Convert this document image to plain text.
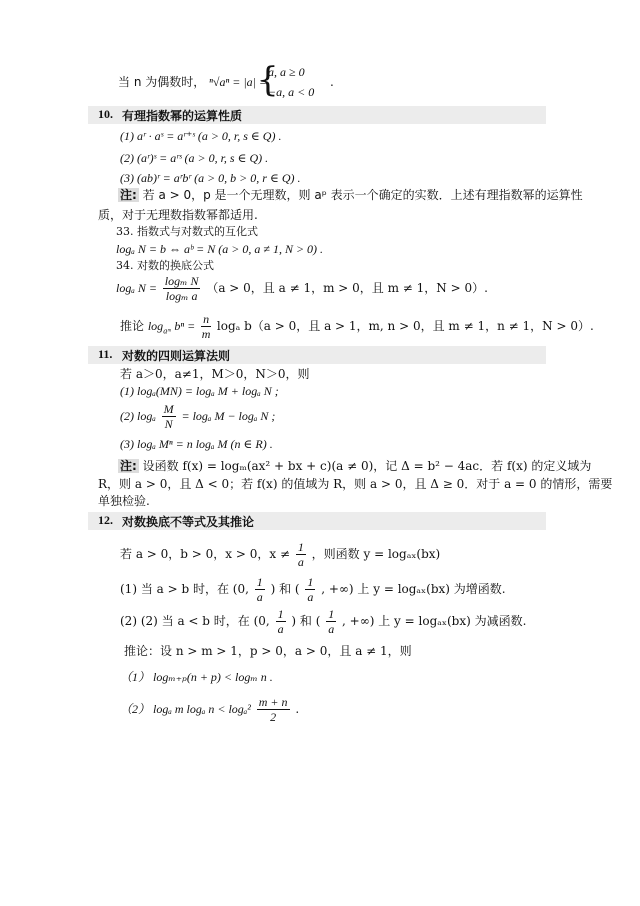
当 n 为偶数时， ⁿ√aⁿ = |a| =
{
a, a ≥ 0
−a, a < 0
.
10. 有理指数幂的运算性质
(1) aʳ · aˢ = aʳ⁺ˢ (a > 0, r, s ∈ Q) .
(2) (aʳ)ˢ = aʳˢ (a > 0, r, s ∈ Q) .
(3) (ab)ʳ = aʳbʳ (a > 0, b > 0, r ∈ Q) .
注: 若 a > 0，p 是一个无理数，则 aᵖ 表示一个确定的实数．上述有理指数幂的运算性
质，对于无理数指数幂都适用.
33. 指数式与对数式的互化式
logₐ N = b ⇔ aᵇ = N (a > 0, a ≠ 1, N > 0) .
34. 对数的换底公式
logₐ $N = \frac{\text{logₘ N}}{\text{logₘ a}} (a > 0$，且 a ≠ 1，m > 0，且 m ≠ 1，N > 0）.
推论 $\log_{aᵐ} b^n = \frac{n}{m}$ logₐ b（a > 0，且 a > 1，m, n > 0，且 m ≠ 1，n ≠ 1，N > 0）.
11. 对数的四则运算法则
若 a＞0，a≠1，M＞0，N＞0，则
(1) logₐ(MN) = logₐ M + logₐ N ;
(2) logₐ $\frac{M}{N} = \log_a$ M − logₐ N ;
(3) logₐ Mⁿ = n logₐ M (n ∈ R) .
注: 设函数 f(x) = logₘ(ax² + bx + c)(a ≠ 0)，记 Δ = b² − 4ac．若 f(x) 的定义域为
R，则 a > 0，且 Δ < 0；若 f(x) 的值域为 R，则 a > 0，且 Δ ≥ 0．对于 a = 0 的情形，需要
单独检验.
12. 对数换底不等式及其推论
若 a > 0，b > 0，x > 0，$x \ne \frac{1}{a}$ ，则函数 y = logₐₓ(bx)
(1) 当 a > b 时，在 (0, $\frac{1}{a}$ ) 和 ( $\frac{1}{a}$ , +∞) 上 y = logₐₓ(bx) 为增函数.
(2) (2) 当 a < b 时，在 (0, $\frac{1}{a}$ ) 和 ( $\frac{1}{a}$ , +∞) 上 y = logₐₓ(bx) 为减函数.
推论：设 n > m > 1，p > 0，a > 0，且 a ≠ 1，则
（1） logₘ₊ₚ(n + p) < logₘ n .
（2） logₐ m logₐ $n < \log_a^2 \frac{m + n}{2}$ .
